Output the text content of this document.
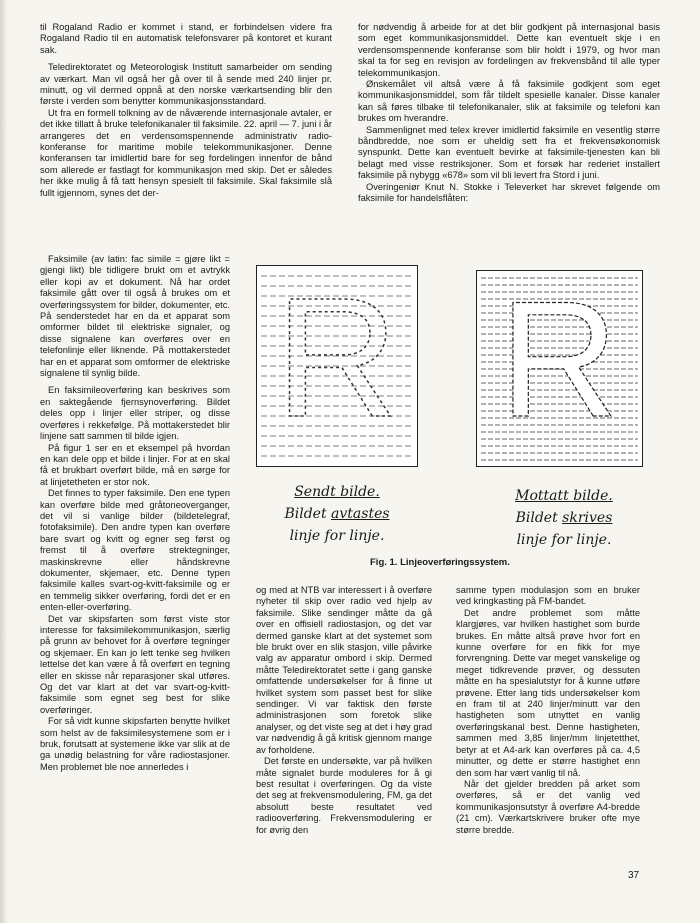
til Rogaland Radio er kommet i stand, er forbindelsen videre fra Rogaland Radio til en automatisk telefonsvarer på kontoret et kurant sak.

Teledirektoratet og Meteorologisk Institutt samarbeider om sending av værkart. Man vil også her gå over til å sende med 240 linjer pr. minutt, og vil dermed oppnå at den norske værkartsending blir den første i verden som benytter kommunikasjonsstandard.

Ut fra en formell tolkning av de nåværende internasjonale avtaler, er det ikke tillatt å bruke telefonikanaler til faksimile. 22. april — 7. juni i år arrangeres det en verdensomspennende administrativ radio-konferanse for maritime mobile telekommunikasjoner. Denne konferansen tar imidlertid bare for seg fordelingen innenfor de bånd som allerede er fastlagt for kommunikasjon med skip. Det er således her ikke mulig å få tatt hensyn spesielt til faksimile. Skal faksimile slå fullt igjennom, synes det der-

for nødvendig å arbeide for at det blir godkjent på internasjonal basis som eget kommunikasjonsmiddel. Dette kan eventuelt skje i en verdensomspennende konferanse som blir holdt i 1979, og hvor man skal ta for seg en revisjon av fordelingen av frekvensbånd til alle typer telekommunikasjon.

Ønskemålet vil altså være å få faksimile godkjent som eget kommunikasjonsmiddel, som får tildelt spesielle kanaler. Disse kanaler kan så føres tilbake til telefonikanaler, slik at faksimile og telefoni kan brukes om hverandre.

Sammenlignet med telex krever imidlertid faksimile en vesentlig større båndbredde, noe som er uheldig sett fra et frekvensøkonomisk synspunkt. Dette kan eventuelt bevirke at faksimile-tjenesten kan bli belagt med visse restriksjoner. Som et forsøk har rederiet installert faksimile på nybygg «678» som vil bli levert fra Stord i juni.

Overingeniør Knut N. Stokke i Televerket har skrevet følgende om faksimile for handelsflåten:

Faksimile (av latin: fac simile = gjøre likt = gjengi likt) ble tidligere brukt om et avtrykk eller kopi av et dokument. Nå har ordet faksimile gått over til også å brukes om et overføringssystem for bilder, dokumenter, etc. På senderstedet har en da et apparat som omformer bildet til elektriske signaler, og disse signalene kan overføres over en telefonlinje eller liknende. På mottakerstedet har en et apparat som omformer de elektriske signalene til synlig bilde.

En faksimileoverføring kan beskrives som en saktegående fjernsynoverføring. Bildet deles opp i linjer eller striper, og disse overføres i rekkefølge. På mottakerstedet blir linjene satt sammen til bilde igjen.

På figur 1 ser en et eksempel på hvordan en kan dele opp et bilde i linjer. For at en skal få et brukbart overført bilde, må en sørge for at linjetetheten er stor nok.

Det finnes to typer faksimile. Den ene typen kan overføre bilde med gråtoneoverganger, det vil si vanlige bilder (bildetelegraf, fotofaksimile). Den andre typen kan overføre bare svart og kvitt og egner seg først og fremst til å overføre strektegninger, maskinskrevne eller håndskrevne dokumenter, skjemaer, etc. Denne typen faksimile kalles svart-og-kvitt-faksimile og er en temmelig sikker overføring, fordi det er en enten-eller-overføring.

Det var skipsfarten som først viste stor interesse for faksimilekommunikasjon, særlig på grunn av behovet for å overføre tegninger og skjemaer. En kan jo lett tenke seg hvilken lettelse det kan være å få overført en tegning eller en skisse når reparasjoner skal utføres. Og det var klart at det var svart-og-kvitt-faksimile som egnet seg best for slike overføringer.

For så vidt kunne skipsfarten benytte hvilket som helst av de faksimilesystemene som er i bruk, forutsatt at systemene ikke var slik at de ga unødig belastning for våre radiostasjoner. Men problemet ble noe annerledes i

R R
Sendt bilde.
Bildet avtastes
linje for linje.
Mottatt bilde.
Bildet skrives
linje for linje.
Fig. 1. Linjeoverføringssystem.

og med at NTB var interessert i å overføre nyheter til skip over radio ved hjelp av faksimile. Slike sendinger måtte da gå over en offisiell radiostasjon, og det var dermed ganske klart at det systemet som ble brukt over en slik stasjon, ville påvirke valg av apparatur ombord i skip. Dermed måtte Teledirektoratet sette i gang ganske omfattende undersøkelser for å finne ut hvilket system som passet best for slike sendinger. Vi var faktisk den første administrasjonen som foretok slike analyser, og det viste seg at det i høy grad var nødvendig å gå kritisk gjennom mange av forholdene.

Det første en undersøkte, var på hvilken måte signalet burde moduleres for å gi best resultat i overføringen. Og da viste det seg at frekvensmodulering, FM, ga det absolutt beste resultatet ved radiooverføring. Frekvensmodulering er for øvrig den

samme typen modulasjon som en bruker ved kringkasting på FM-bandet.

Det andre problemet som måtte klargjøres, var hvilken hastighet som burde brukes. En måtte altså prøve hvor fort en kunne overføre for en fikk for mye forvrengning. Dette var meget vanskelige og meget tidkrevende prøver, og dessuten måtte en ha spesialutstyr for å kunne utføre prøvene. Etter lang tids undersøkelser kom en fram til at 240 linjer/minutt var den hastigheten som utnyttet en vanlig overføringskanal best. Denne hastigheten, sammen med 3,85 linjer/mm linjetetthet, betyr at et A4-ark kan overføres på ca. 4,5 minutter, og dette er større hastighet enn den som har vært vanlig til nå.

Når det gjelder bredden på arket som overføres, så er det vanlig ved kommunikasjonsutstyr å overføre A4-bredde (21 cm). Værkartskrivere bruker ofte mye større bredde.

37
